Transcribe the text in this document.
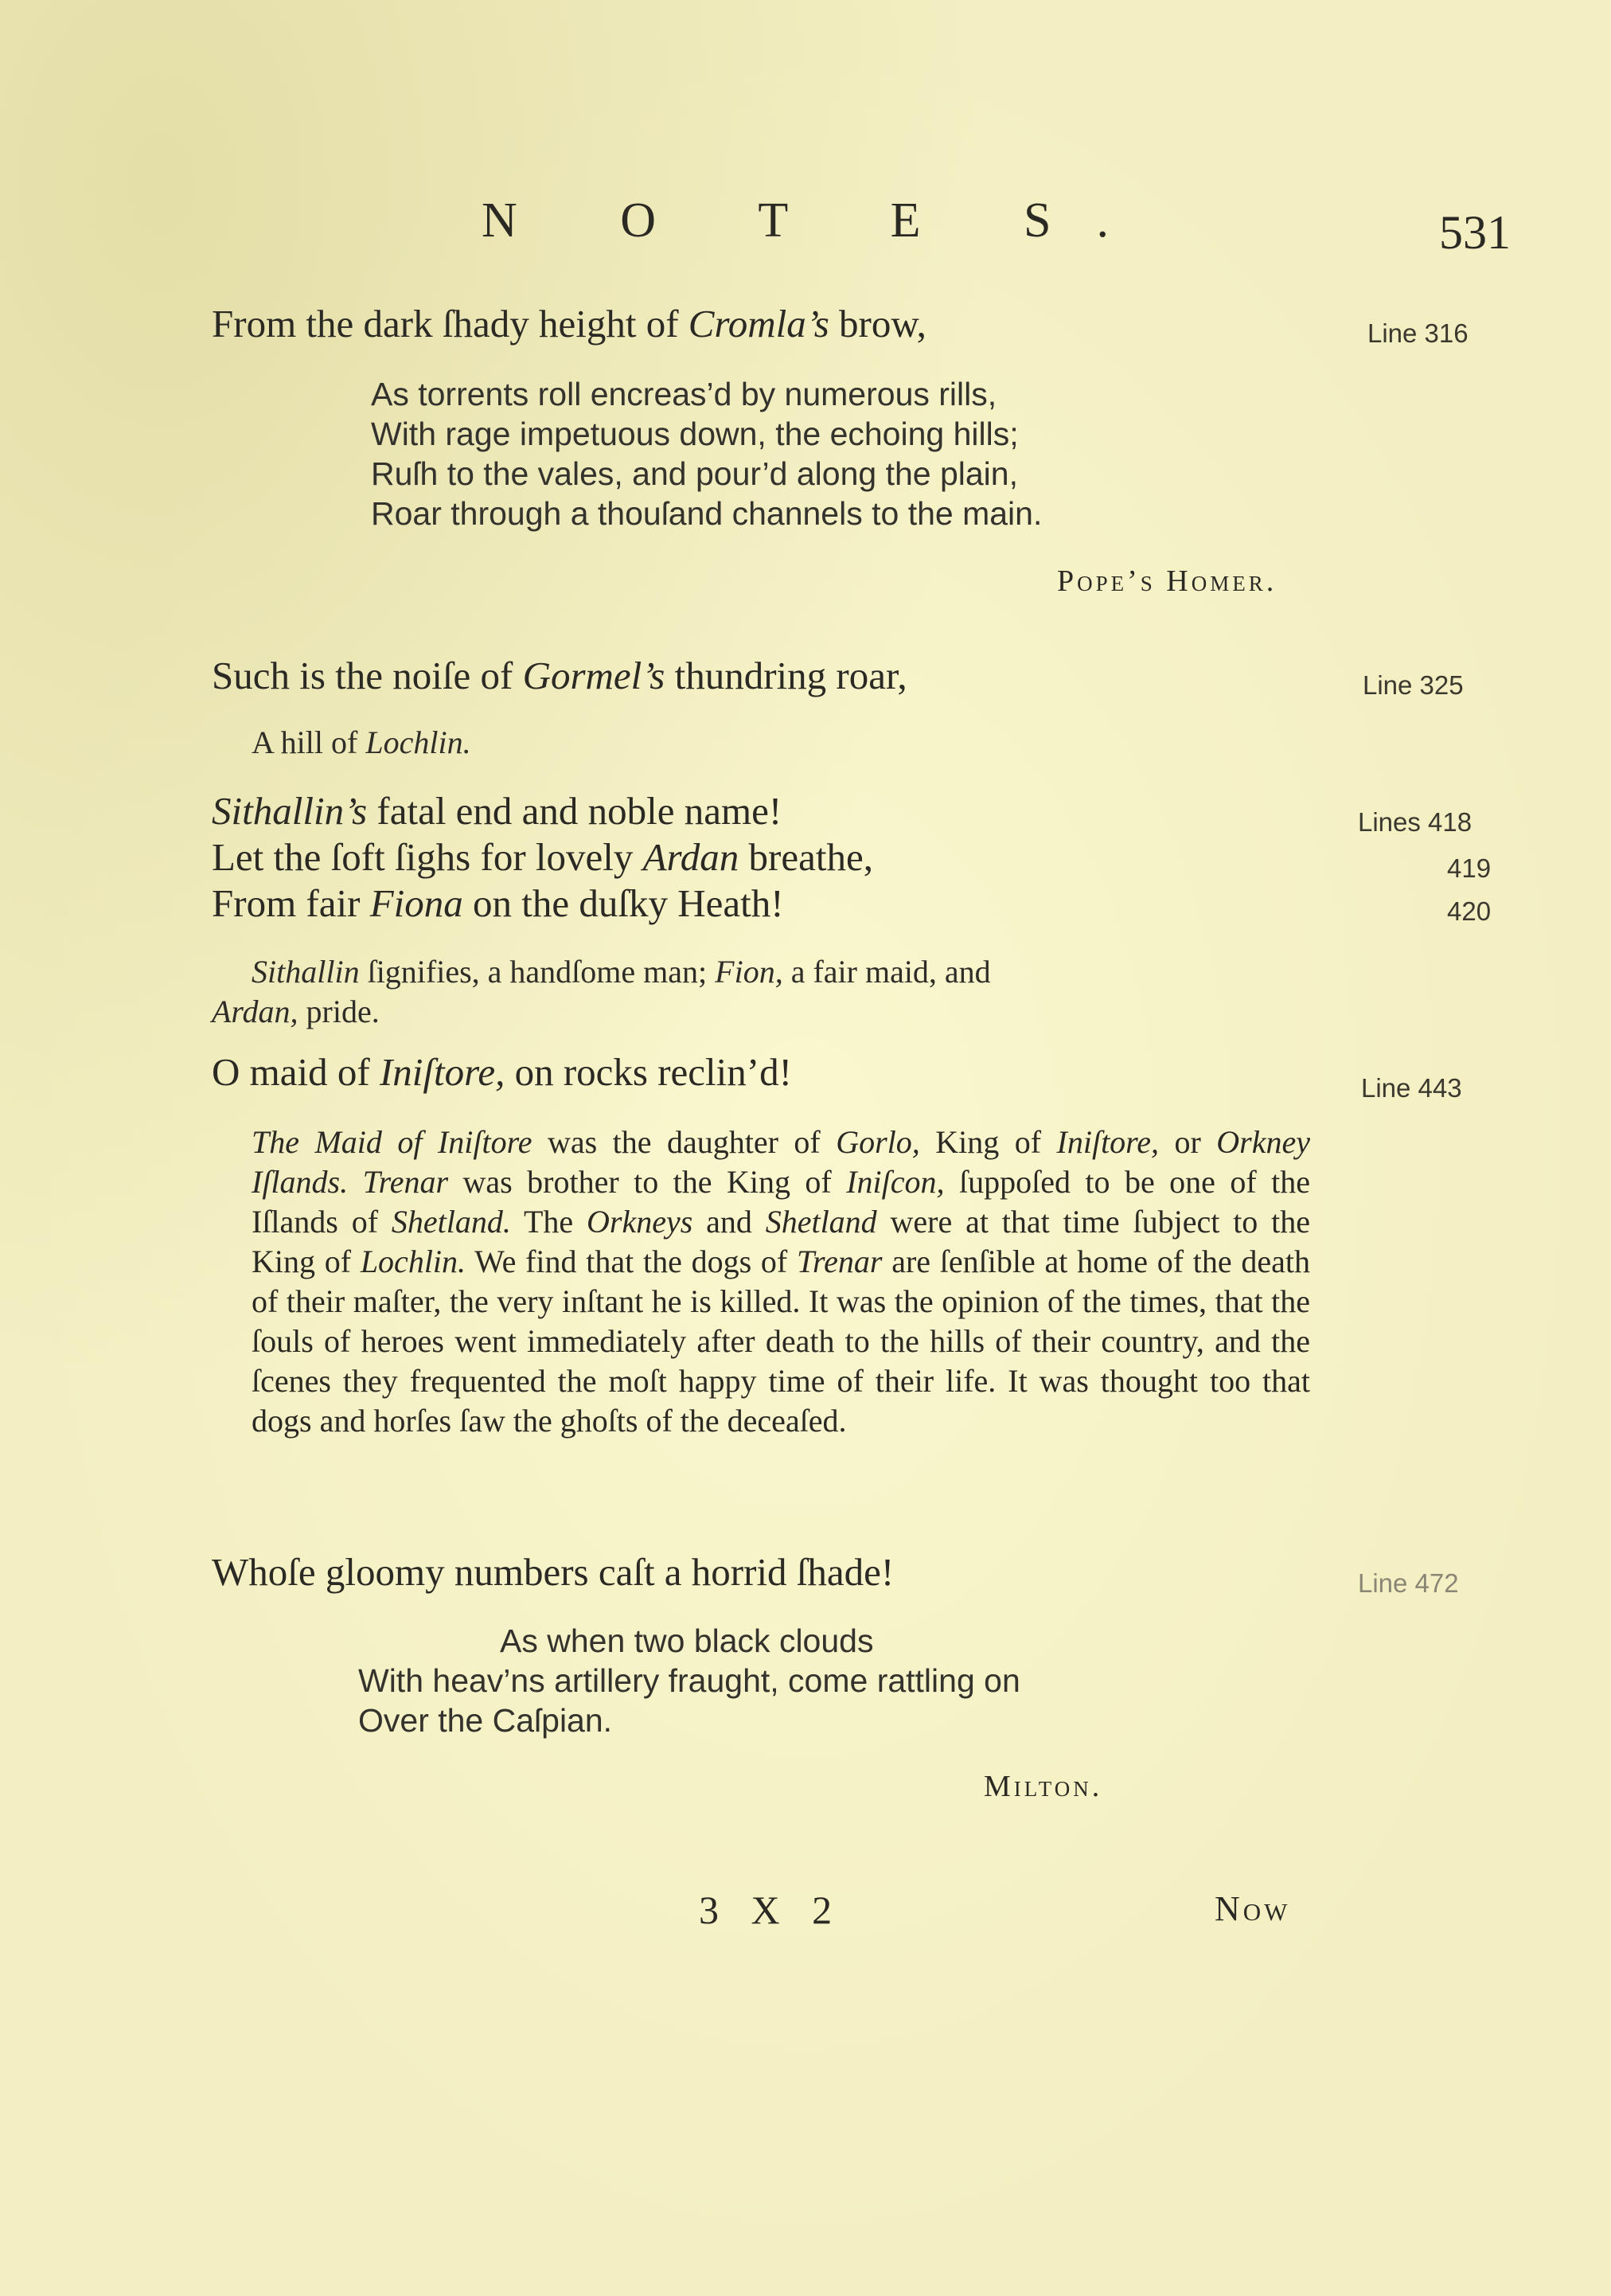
N O T E S.	531
From the dark ſhady height of Cromla’s brow,	Line 316
As torrents roll encreas’d by numerous rills,
With rage impetuous down, the echoing hills;
Ruſh to the vales, and pour’d along the plain,
Roar through a thouſand channels to the main.
Pope’s Homer.
Such is the noiſe of Gormel’s thundring roar,	Line 325
A hill of Lochlin.
Sithallin’s fatal end and noble name!
Let the ſoft ſighs for lovely Ardan breathe,
From fair Fiona on the duſky Heath!
Lines 418
419
420
Sithallin ſignifies, a handſome man; Fion, a fair maid, and
Ardan, pride.
O maid of Iniſtore, on rocks reclin’d!	Line 443
The Maid of Iniſtore was the daughter of Gorlo, King of Iniſtore, or Orkney Iſlands. Trenar was brother to the King of Iniſcon, ſuppoſed to be one of the Iſlands of Shetland. The Orkneys and Shetland were at that time ſubject to the King of Lochlin. We find that the dogs of Trenar are ſenſible at home of the death of their maſter, the very inſtant he is killed. It was the opinion of the times, that the ſouls of heroes went immediately after death to the hills of their country, and the ſcenes they frequented the moſt happy time of their life. It was thought too that dogs and horſes ſaw the ghoſts of the deceaſed.
Whoſe gloomy numbers caſt a horrid ſhade!	Line 472
As when two black clouds
With heav’ns artillery fraught, come rattling on
Over the Caſpian.
Milton.
3 X 2	Now
